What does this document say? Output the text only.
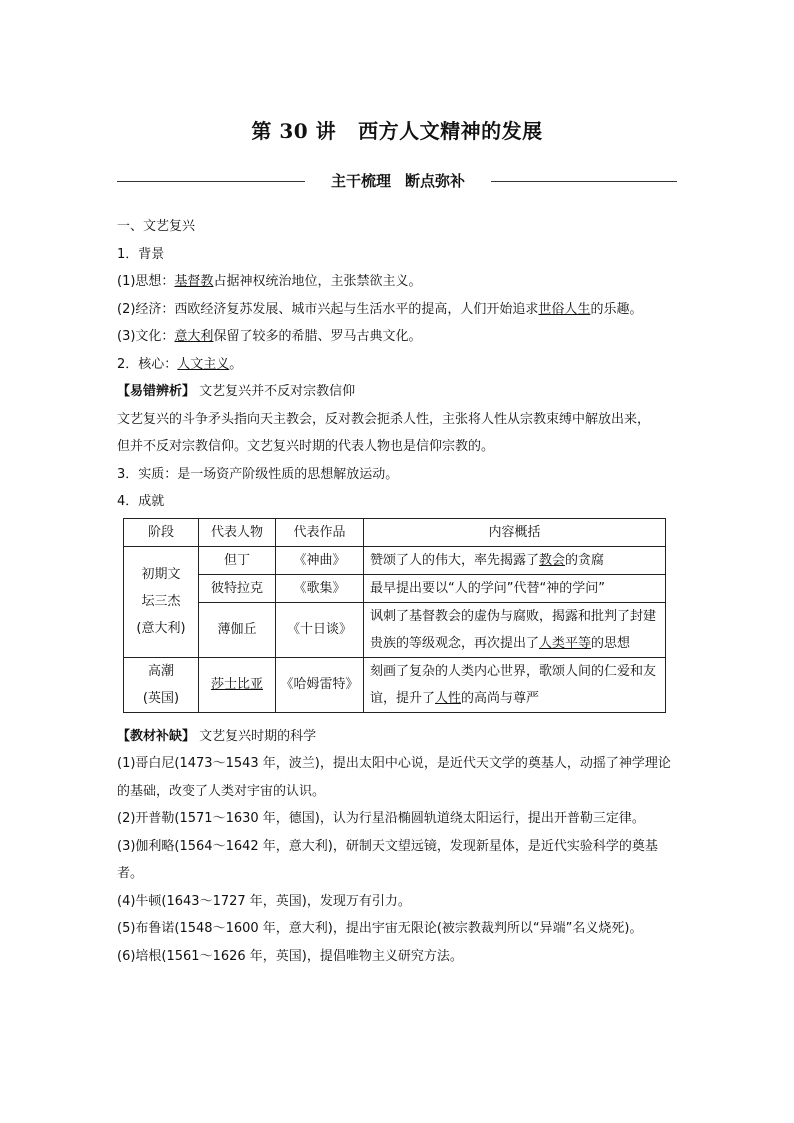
第 30 讲 西方人文精神的发展
主干梳理 断点弥补

一、文艺复兴

1．背景

(1)思想：基督教占据神权统治地位，主张禁欲主义。

(2)经济：西欧经济复苏发展、城市兴起与生活水平的提高，人们开始追求世俗人生的乐趣。

(3)文化：意大利保留了较多的希腊、罗马古典文化。

2．核心：人文主义。

【易错辨析】 文艺复兴并不反对宗教信仰

文艺复兴的斗争矛头指向天主教会，反对教会扼杀人性，主张将人性从宗教束缚中解放出来，

但并不反对宗教信仰。文艺复兴时期的代表人物也是信仰宗教的。

3．实质：是一场资产阶级性质的思想解放运动。

4．成就

阶段	代表人物	代表作品	内容概括
初期文
坛三杰
(意大利)	但丁	《神曲》	赞颂了人的伟大，率先揭露了教会的贪腐
	彼特拉克	《歌集》	最早提出要以“人的学问”代替“神的学问”
	薄伽丘	《十日谈》	讽刺了基督教会的虚伪与腐败，揭露和批判了封建贵族的等级观念，再次提出了人类平等的思想
高潮
(英国)	莎士比亚	《哈姆雷特》	刻画了复杂的人类内心世界，歌颂人间的仁爱和友谊，提升了人性的高尚与尊严

【教材补缺】 文艺复兴时期的科学

(1)哥白尼(1473～1543 年，波兰)，提出太阳中心说，是近代天文学的奠基人，动摇了神学理论的基础，改变了人类对宇宙的认识。

(2)开普勒(1571～1630 年，德国)，认为行星沿椭圆轨道绕太阳运行，提出开普勒三定律。

(3)伽利略(1564～1642 年，意大利)，研制天文望远镜，发现新星体，是近代实验科学的奠基者。

(4)牛顿(1643～1727 年，英国)，发现万有引力。

(5)布鲁诺(1548～1600 年，意大利)，提出宇宙无限论(被宗教裁判所以“异端”名义烧死)。

(6)培根(1561～1626 年，英国)，提倡唯物主义研究方法。
